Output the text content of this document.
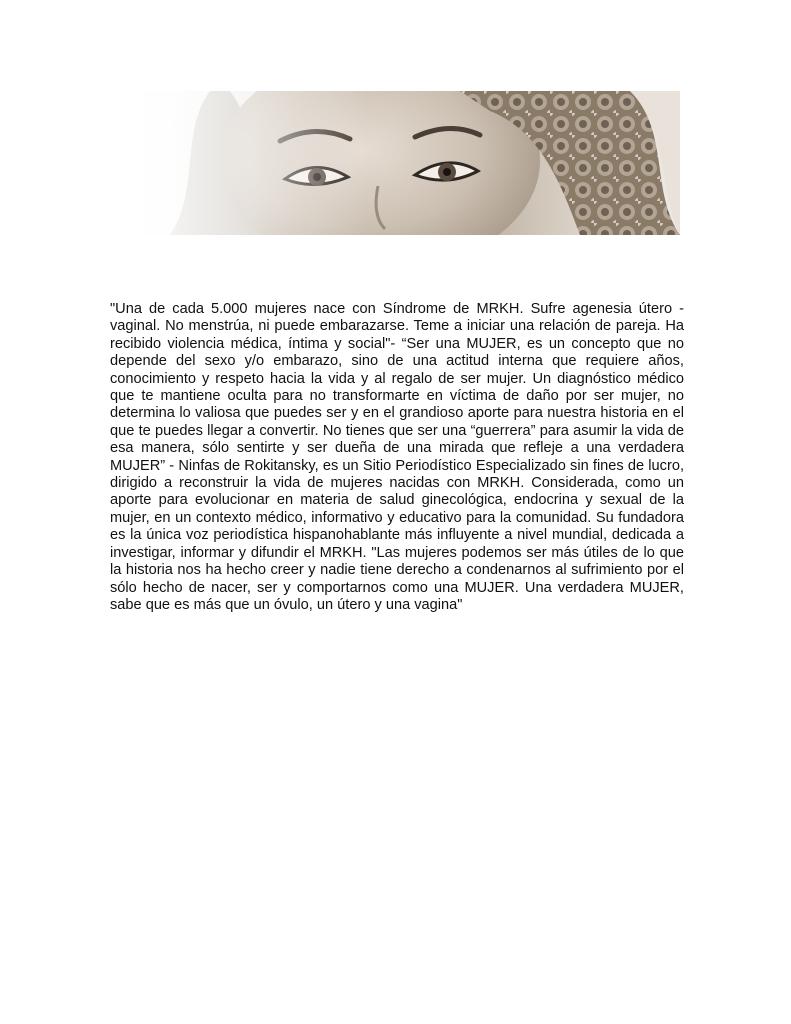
"Una de cada 5.000 mujeres nace con Síndrome de MRKH. Sufre agenesia útero - vaginal. No menstrúa, ni puede embarazarse. Teme a iniciar una relación de pareja. Ha recibido violencia médica, íntima y social"- “Ser una MUJER, es un concepto que no depende del sexo y/o embarazo, sino de una actitud interna que requiere años, conocimiento y respeto hacia la vida y al regalo de ser mujer. Un diagnóstico médico que te mantiene oculta para no transformarte en víctima de daño por ser mujer, no determina lo valiosa que puedes ser y en el grandioso aporte para nuestra historia en el que te puedes llegar a convertir. No tienes que ser una “guerrera” para asumir la vida de esa manera, sólo sentirte y ser dueña de una mirada que refleje a una verdadera MUJER” - Ninfas de Rokitansky, es un Sitio Periodístico Especializado sin fines de lucro, dirigido a reconstruir la vida de mujeres nacidas con MRKH. Considerada, como un aporte para evolucionar en materia de salud ginecológica, endocrina y sexual de la mujer, en un contexto médico, informativo y educativo para la comunidad. Su fundadora es la única voz periodística hispanohablante más influyente a nivel mundial, dedicada a investigar, informar y difundir el MRKH. "Las mujeres podemos ser más útiles de lo que la historia nos ha hecho creer y nadie tiene derecho a condenarnos al sufrimiento por el sólo hecho de nacer, ser y comportarnos como una MUJER. Una verdadera MUJER, sabe que es más que un óvulo, un útero y una vagina"
